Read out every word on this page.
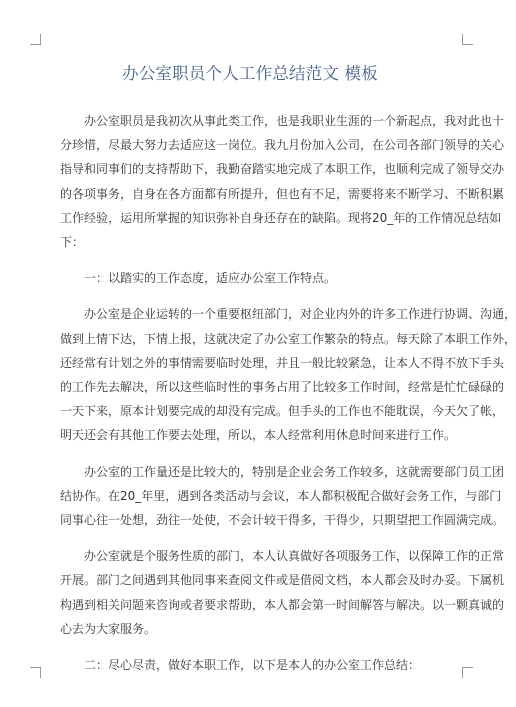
办公室职员个人工作总结范文 模板
办公室职员是我初次从事此类工作，也是我职业生涯的一个新起点，我对此也十
分珍惜，尽最大努力去适应这一岗位。我九月份加入公司，在公司各部门领导的关心
指导和同事们的支持帮助下，我勤奋踏实地完成了本职工作，也顺利完成了领导交办
的各项事务，自身在各方面都有所提升，但也有不足，需要将来不断学习、不断积累
工作经验，运用所掌握的知识弥补自身还存在的缺陷。现将20_年的工作情况总结如
下：
一：以踏实的工作态度，适应办公室工作特点。
办公室是企业运转的一个重要枢纽部门，对企业内外的许多工作进行协调、沟通，
做到上情下达，下情上报，这就决定了办公室工作繁杂的特点。每天除了本职工作外，
还经常有计划之外的事情需要临时处理，并且一般比较紧急，让本人不得不放下手头
的工作先去解决，所以这些临时性的事务占用了比较多工作时间，经常是忙忙碌碌的
一天下来，原本计划要完成的却没有完成。但手头的工作也不能耽误，今天欠了帐，
明天还会有其他工作要去处理，所以，本人经常利用休息时间来进行工作。
办公室的工作量还是比较大的，特别是企业会务工作较多，这就需要部门员工团
结协作。在20_年里，遇到各类活动与会议，本人都积极配合做好会务工作，与部门
同事心往一处想，劲往一处使，不会计较干得多，干得少，只期望把工作圆满完成。
办公室就是个服务性质的部门，本人认真做好各项服务工作，以保障工作的正常
开展。部门之间遇到其他同事来查阅文件或是借阅文档，本人都会及时办妥。下属机
构遇到相关问题来咨询或者要求帮助，本人都会第一时间解答与解决。以一颗真诚的
心去为大家服务。
二：尽心尽责，做好本职工作，以下是本人的办公室工作总结：
